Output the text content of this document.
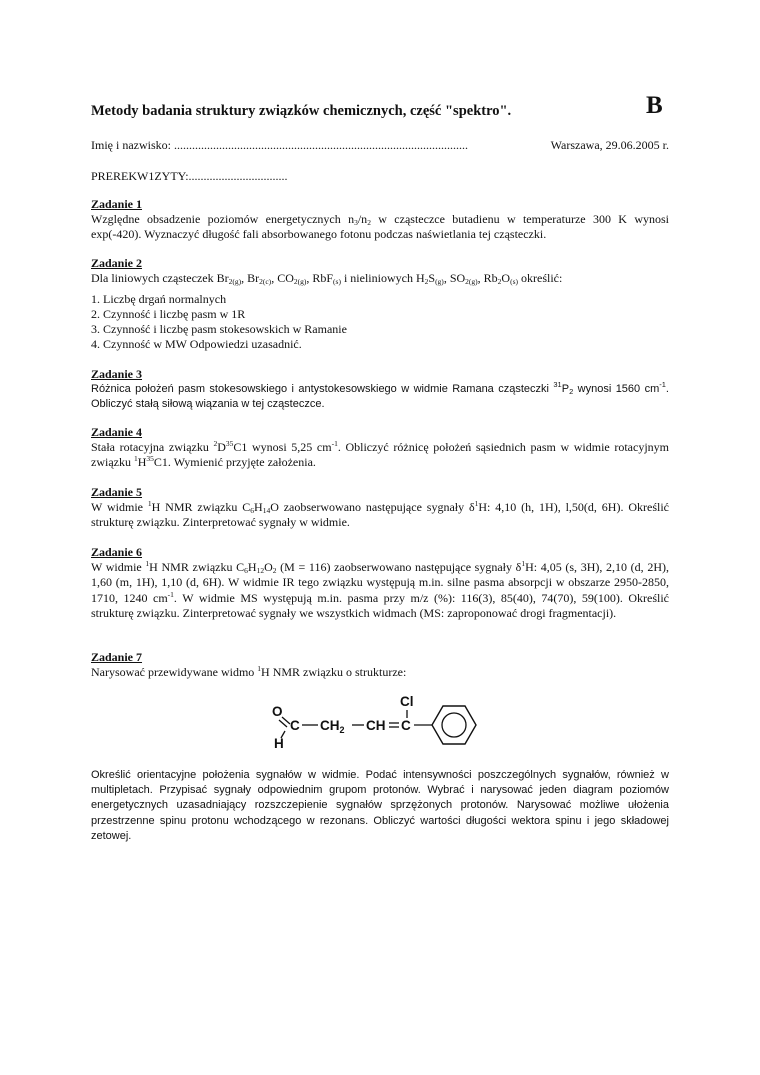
Metody badania struktury związków chemicznych, część "spektro".	B
Imię i nazwisko: ..................................................................................................	Warszawa, 29.06.2005 r.
PREREKW1ZYTY:.................................
Zadanie 1

Względne obsadzenie poziomów energetycznych $n_3/n_2$ w cząsteczce butadienu w temperaturze 300 K wynosi exp(-420). Wyznaczyć długość fali absorbowanego fotonu podczas naświetlania tej cząsteczki.

Zadanie 2

Dla liniowych cząsteczek $Br_{2(g)}$, $Br_{2(c)}$, $CO_{2(g)}$, RbF$_{(s)}$ i nieliniowych $H_2S_{(g)}$, $SO_{2(g)}$, $Rb_2O_{(s)}$ określić:

1. Liczbę drgań normalnych
2. Czynność i liczbę pasm w 1R
3. Czynność i liczbę pasm stokesowskich w Ramanie
4. Czynność w MW Odpowiedzi uzasadnić.
Zadanie 3

Różnica położeń pasm stokesowskiego i antystokesowskiego w widmie Ramana cząsteczki $^{31}P_2$ wynosi 1560 $cm^{-1}$. Obliczyć stałą siłową wiązania w tej cząsteczce.

Zadanie 4

Stała rotacyjna związku $^2D^{35}C1$ wynosi 5,25 $cm^{-1}$. Obliczyć różnicę położeń sąsiednich pasm w widmie rotacyjnym związku $^1H^{35}C1$. Wymienić przyjęte założenia.

Zadanie 5

W widmie $^1$H NMR związku $C_6H_{14}O$ zaobserwowano następujące sygnały $\delta^1H$: 4,10 (h, 1H), l,50(d, 6H). Określić strukturę związku. Zinterpretować sygnały w widmie.

Zadanie 6

W widmie $^1$H NMR związku $C_6H_{12}O_2$ (M = 116) zaobserwowano następujące sygnały $\delta^1H$: 4,05 (s, 3H), 2,10 (d, 2H), 1,60 (m, 1H), 1,10 (d, 6H). W widmie IR tego związku występują m.in. silne pasma absorpcji w obszarze 2950-2850, 1710, 1240 $cm^{-1}$. W widmie MS występują m.in. pasma przy m/z (%): 116(3), 85(40), 74(70), 59(100). Określić strukturę związku. Zinterpretować sygnały we wszystkich widmach (MS: zaproponować drogi fragmentacji).

Zadanie 7

Narysować przewidywane widmo $^1$H NMR związku o strukturze:

O
C
H
$CH_2$ CH C
Cl

Określić orientacyjne położenia sygnałów w widmie. Podać intensywności poszczególnych sygnałów, również w multipletach. Przypisać sygnały odpowiednim grupom protonów. Wybrać i narysować jeden diagram poziomów energetycznych uzasadniający rozszczepienie sygnałów sprzężonych protonów. Narysować możliwe ułożenia przestrzenne spinu protonu wchodzącego w rezonans. Obliczyć wartości długości wektora spinu i jego składowej zetowej.
